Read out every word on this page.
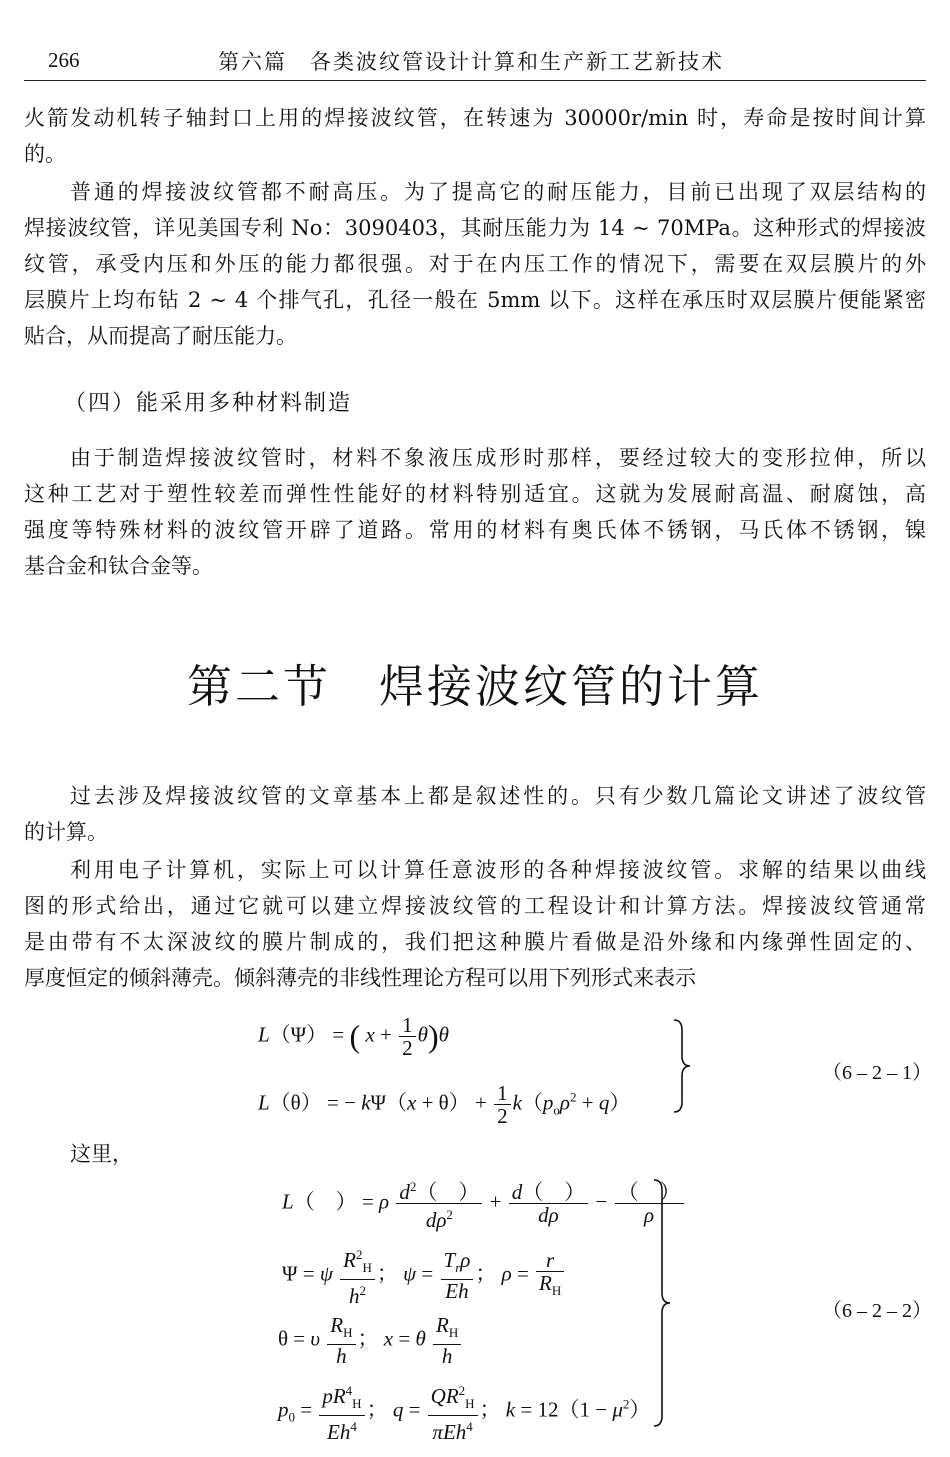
266	第六篇　各类波纹管设计计算和生产新工艺新技术
火箭发动机转子轴封口上用的焊接波纹管，在转速为 30000r/min 时，寿命是按时间计算
的。
普通的焊接波纹管都不耐高压。为了提高它的耐压能力，目前已出现了双层结构的
焊接波纹管，详见美国专利 No：3090403，其耐压能力为 14 ~ 70MPa。这种形式的焊接波
纹管，承受内压和外压的能力都很强。对于在内压工作的情况下，需要在双层膜片的外
层膜片上均布钻 2 ~ 4 个排气孔，孔径一般在 5mm 以下。这样在承压时双层膜片便能紧密
贴合，从而提高了耐压能力。
（四）能采用多种材料制造
由于制造焊接波纹管时，材料不象液压成形时那样，要经过较大的变形拉伸，所以
这种工艺对于塑性较差而弹性性能好的材料特别适宜。这就为发展耐高温、耐腐蚀，高
强度等特殊材料的波纹管开辟了道路。常用的材料有奥氏体不锈钢，马氏体不锈钢，镍
基合金和钛合金等。
第二节　焊接波纹管的计算
过去涉及焊接波纹管的文章基本上都是叙述性的。只有少数几篇论文讲述了波纹管
的计算。
利用电子计算机，实际上可以计算任意波形的各种焊接波纹管。求解的结果以曲线
图的形式给出，通过它就可以建立焊接波纹管的工程设计和计算方法。焊接波纹管通常
是由带有不太深波纹的膜片制成的，我们把这种膜片看做是沿外缘和内缘弹性固定的、
厚度恒定的倾斜薄壳。倾斜薄壳的非线性理论方程可以用下列形式来表示
L（Ψ） = ( $x + \frac{1}{2} \theta)\theta$
L（θ） = − $k\Psi(x + \theta) + \frac{1}{2} k(p_o\rho^2 + q)$
（6 – 2 – 1）
这里，
L（　） = ρ $\frac{d^2( )}{d\rho^2} + \frac{d( )}{d\rho} - \frac{( )}{\rho}$
Ψ = ψ $\frac{R^2_H}{h^2}$ ； $\psi = \frac{T_r\rho}{Eh}$ ； $\rho = \frac{r}{R_H}$
θ = υ $\frac{R_H}{h}$ ； x = θ $\frac{R_H}{h}$
$p_0 = \frac{pR^4_H}{Eh^4}$ ； $q = \frac{QR^2_H}{\pi Eh^4}$ ； $k = 12(1 - \mu^2)$
（6 – 2 – 2）
